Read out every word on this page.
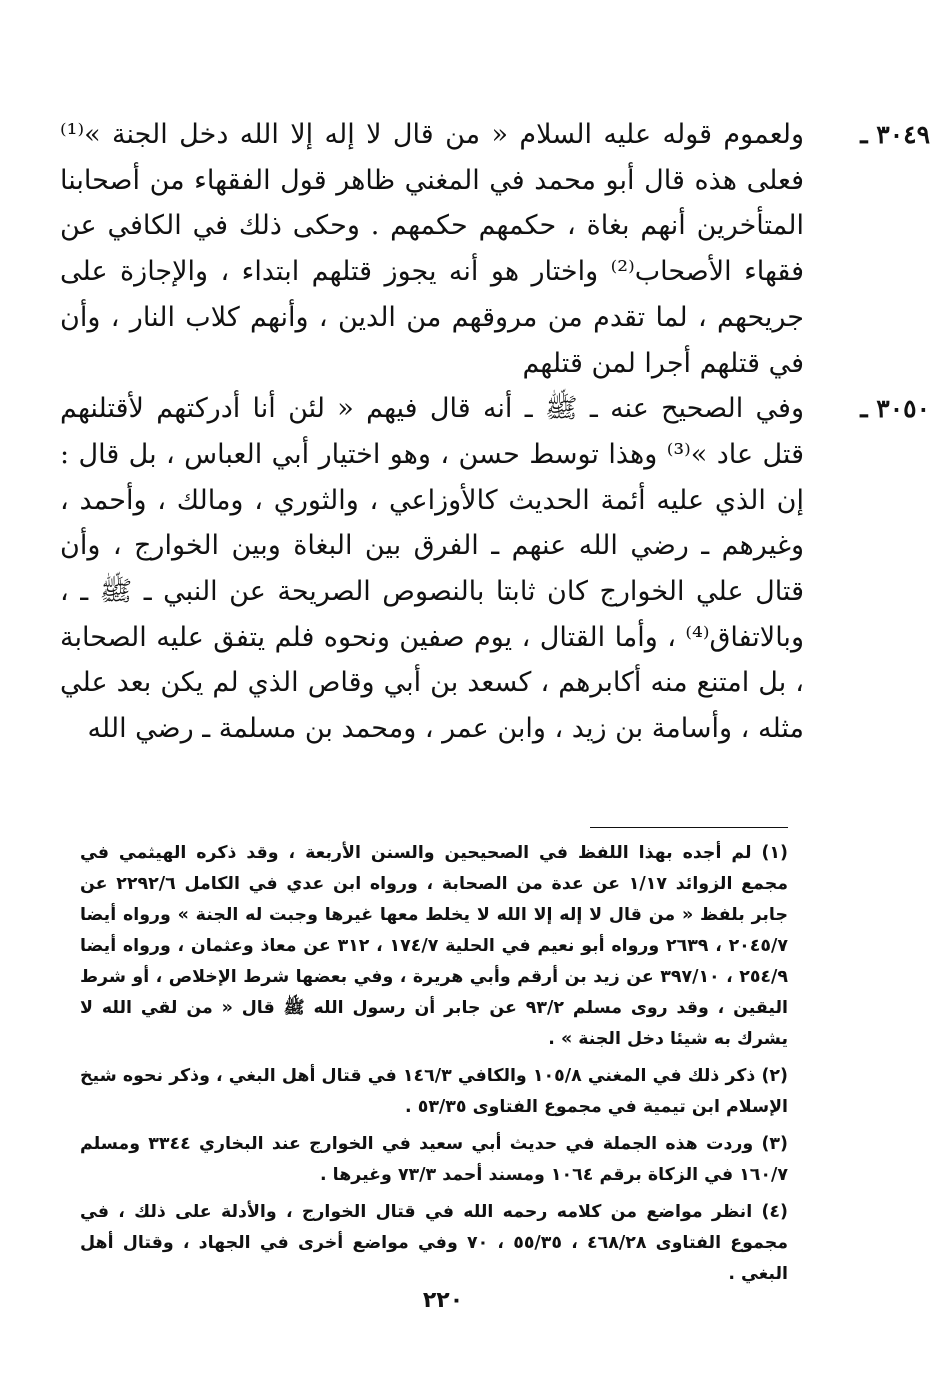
٣٠٤٩ ـ
ولعموم قوله عليه السلام « من قال لا إله إلا الله دخل الجنة »⁽¹⁾ فعلى هذه قال أبو محمد في المغني ظاهر قول الفقهاء من أصحابنا المتأخرين أنهم بغاة ، حكمهم حكمهم . وحكى ذلك في الكافي عن فقهاء الأصحاب⁽²⁾ واختار هو أنه يجوز قتلهم ابتداء ، والإجازة على جريحهم ، لما تقدم من مروقهم من الدين ، وأنهم كلاب النار ، وأن في قتلهم أجرا لمن قتلهم

٣٠٥٠ ـ
وفي الصحيح عنه ـ ﷺ ـ أنه قال فيهم « لئن أنا أدركتهم لأقتلنهم قتل عاد »⁽³⁾ وهذا توسط حسن ، وهو اختيار أبي العباس ، بل قال : إن الذي عليه أئمة الحديث كالأوزاعي ، والثوري ، ومالك ، وأحمد ، وغيرهم ـ رضي الله عنهم ـ الفرق بين البغاة وبين الخوارج ، وأن قتال علي الخوارج كان ثابتا بالنصوص الصريحة عن النبي ـ ﷺ ـ ، وبالاتفاق⁽⁴⁾ ، وأما القتال ، يوم صفين ونحوه فلم يتفق عليه الصحابة ، بل امتنع منه أكابرهم ، كسعد بن أبي وقاص الذي لم يكن بعد علي مثله ، وأسامة بن زيد ، وابن عمر ، ومحمد بن مسلمة ـ رضي الله

(١) لم أجده بهذا اللفظ في الصحيحين والسنن الأربعة ، وقد ذكره الهيثمي في مجمع الزوائد ١/١٧ عن عدة من الصحابة ، ورواه ابن عدي في الكامل ٢٢٩٢/٦ عن جابر بلفظ « من قال لا إله إلا الله لا يخلط معها غيرها وجبت له الجنة » ورواه أيضا ٢٠٤٥/٧ ، ٢٦٣٩ ورواه أبو نعيم في الحلية ١٧٤/٧ ، ٣١٢ عن معاذ وعثمان ، ورواه أيضا ٢٥٤/٩ ، ٣٩٧/١٠ عن زيد بن أرقم وأبي هريرة ، وفي بعضها شرط الإخلاص ، أو شرط اليقين ، وقد روى مسلم ٩٣/٢ عن جابر أن رسول الله ﷺ قال « من لقي الله لا يشرك به شيئا دخل الجنة » .

(٢) ذكر ذلك في المغني ١٠٥/٨ والكافي ١٤٦/٣ في قتال أهل البغي ، وذكر نحوه شيخ الإسلام ابن تيمية في مجموع الفتاوى ٥٣/٣٥ .

(٣) وردت هذه الجملة في حديث أبي سعيد في الخوارج عند البخاري ٣٣٤٤ ومسلم ١٦٠/٧ في الزكاة برقم ١٠٦٤ ومسند أحمد ٧٣/٣ وغيرها .

(٤) انظر مواضع من كلامه رحمه الله في قتال الخوارج ، والأدلة على ذلك ، في مجموع الفتاوى ٤٦٨/٢٨ ، ٥٥/٣٥ ، ٧٠ وفي مواضع أخرى في الجهاد ، وقتال أهل البغي .

٢٢٠
